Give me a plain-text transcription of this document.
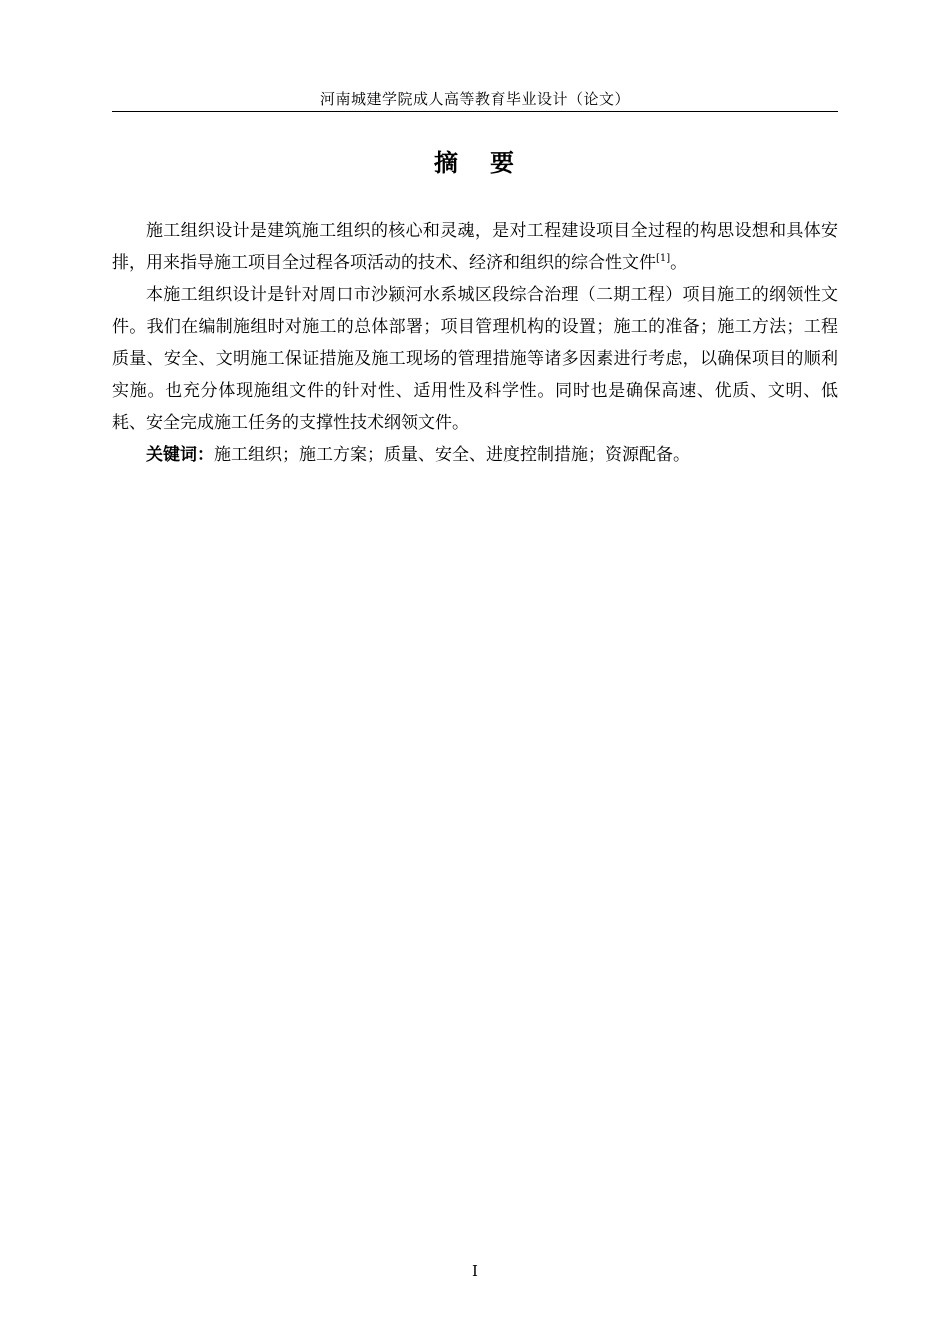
河南城建学院成人高等教育毕业设计（论文）
摘 要

施工组织设计是建筑施工组织的核心和灵魂，是对工程建设项目全过程的构思设想和具体安排，用来指导施工项目全过程各项活动的技术、经济和组织的综合性文件[1]。

本施工组织设计是针对周口市沙颍河水系城区段综合治理（二期工程）项目施工的纲领性文件。我们在编制施组时对施工的总体部署；项目管理机构的设置；施工的准备；施工方法；工程质量、安全、文明施工保证措施及施工现场的管理措施等诸多因素进行考虑，以确保项目的顺利实施。也充分体现施组文件的针对性、适用性及科学性。同时也是确保高速、优质、文明、低耗、安全完成施工任务的支撑性技术纲领文件。

关键词：施工组织；施工方案；质量、安全、进度控制措施；资源配备。

I
